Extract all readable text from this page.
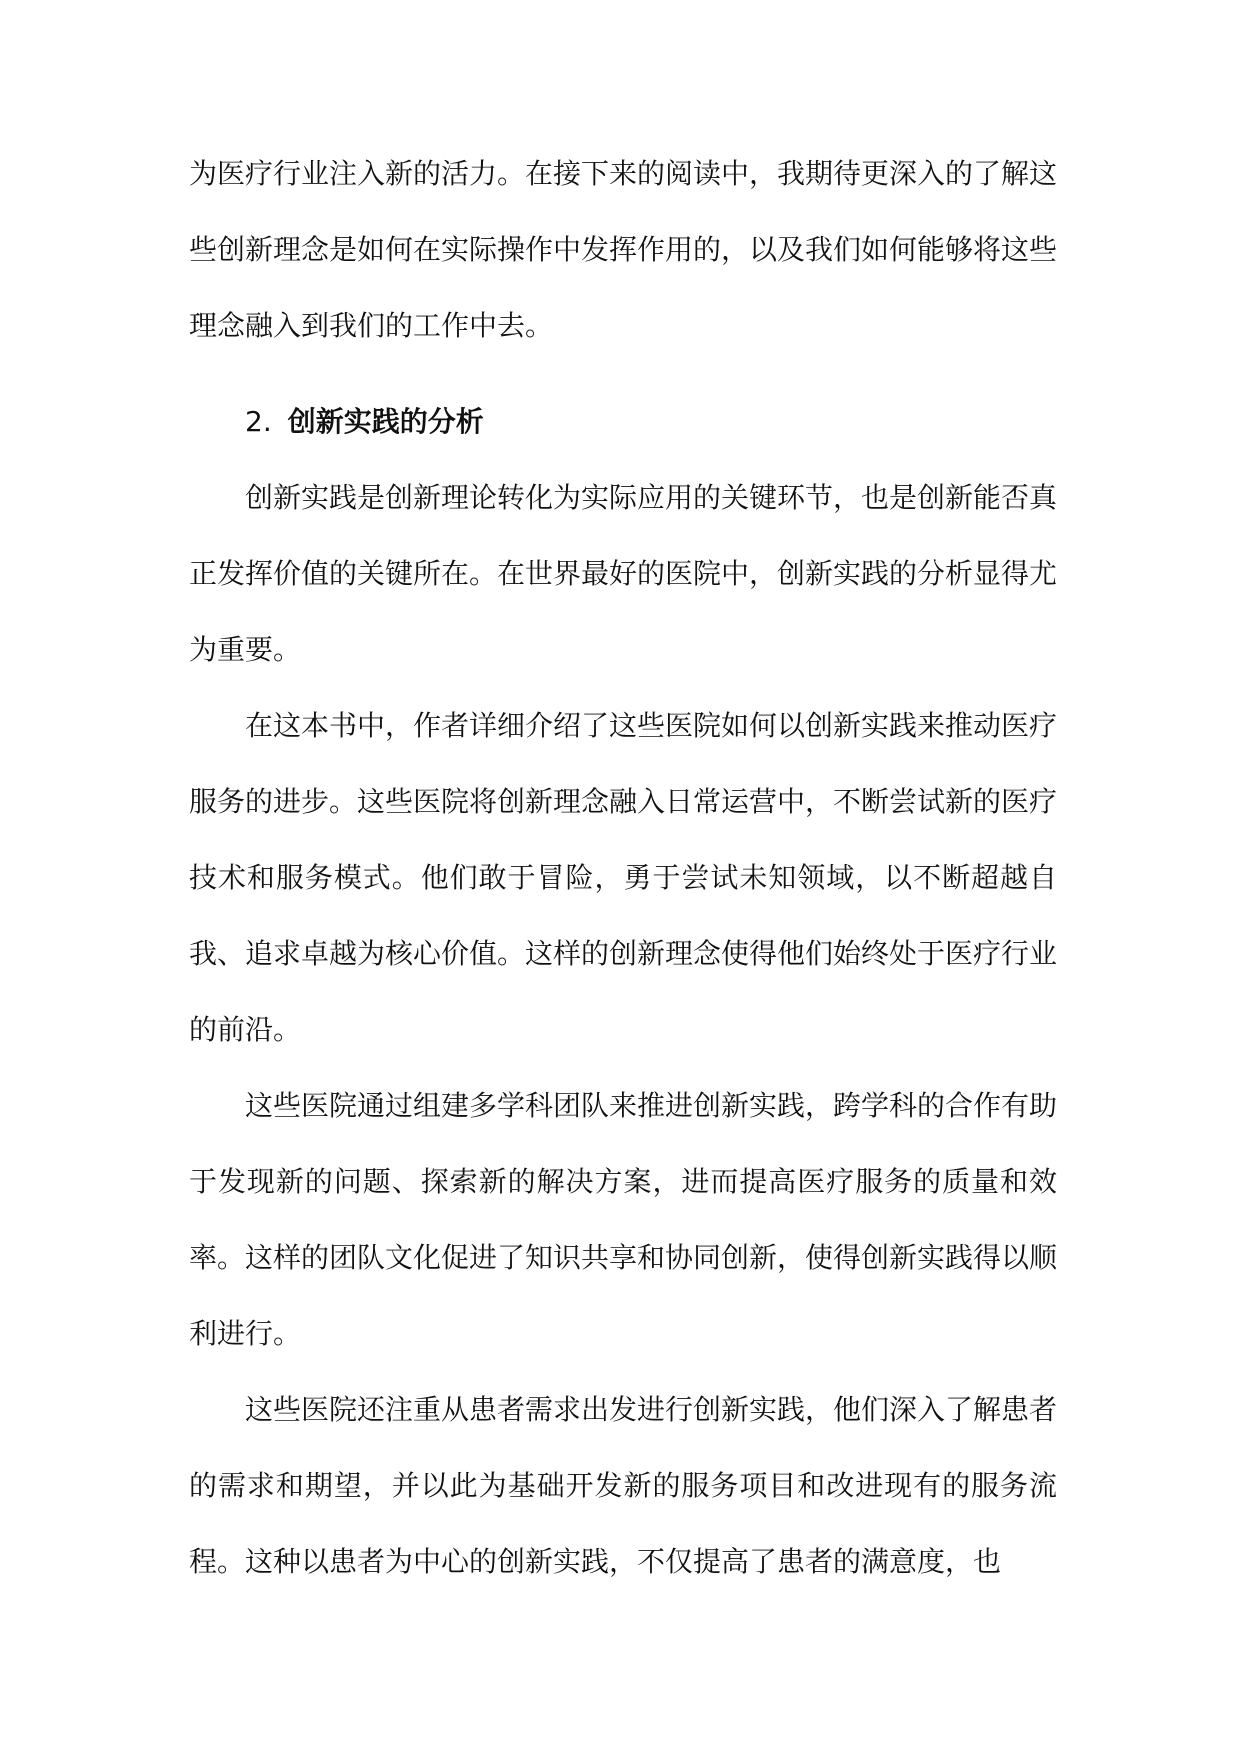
为医疗行业注入新的活力。在接下来的阅读中，我期待更深入的了解这些创新理念是如何在实际操作中发挥作用的，以及我们如何能够将这些理念融入到我们的工作中去。

2. 创新实践的分析

创新实践是创新理论转化为实际应用的关键环节，也是创新能否真正发挥价值的关键所在。在世界最好的医院中，创新实践的分析显得尤为重要。

在这本书中，作者详细介绍了这些医院如何以创新实践来推动医疗服务的进步。这些医院将创新理念融入日常运营中，不断尝试新的医疗技术和服务模式。他们敢于冒险，勇于尝试未知领域，以不断超越自我、追求卓越为核心价值。这样的创新理念使得他们始终处于医疗行业的前沿。

这些医院通过组建多学科团队来推进创新实践，跨学科的合作有助于发现新的问题、探索新的解决方案，进而提高医疗服务的质量和效率。这样的团队文化促进了知识共享和协同创新，使得创新实践得以顺利进行。

这些医院还注重从患者需求出发进行创新实践，他们深入了解患者的需求和期望，并以此为基础开发新的服务项目和改进现有的服务流程。这种以患者为中心的创新实践，不仅提高了患者的满意度，也
